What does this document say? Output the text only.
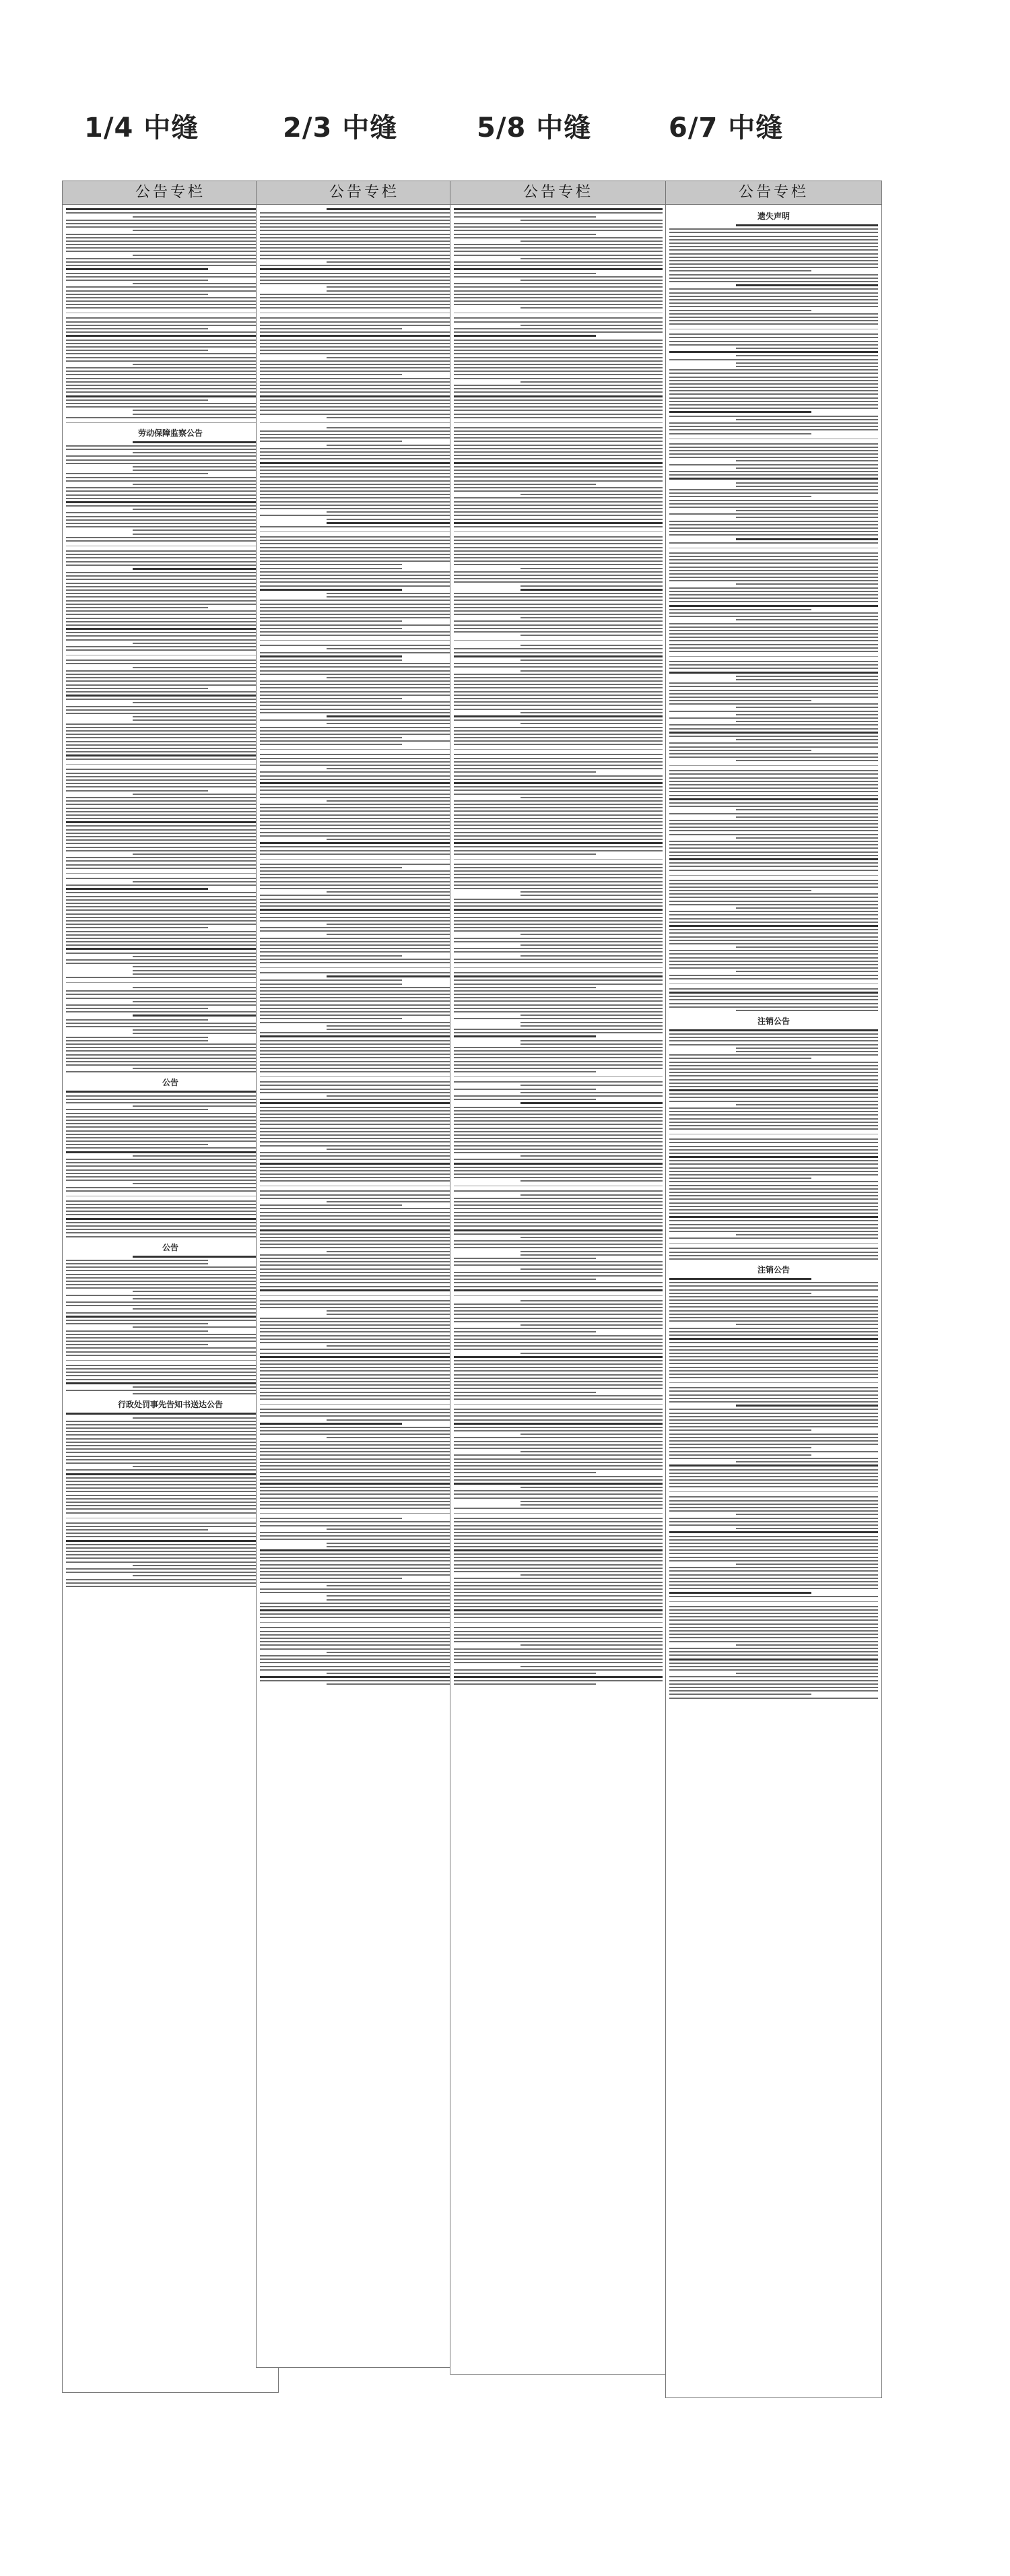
1/4 中缝	2/3 中缝	5/8 中缝	6/7 中缝
公告专栏
劳动保障监察公告
公告
公告
行政处罚事先告知书送达公告
公告专栏	公告专栏	公告专栏
遗失声明
注销公告
注销公告
